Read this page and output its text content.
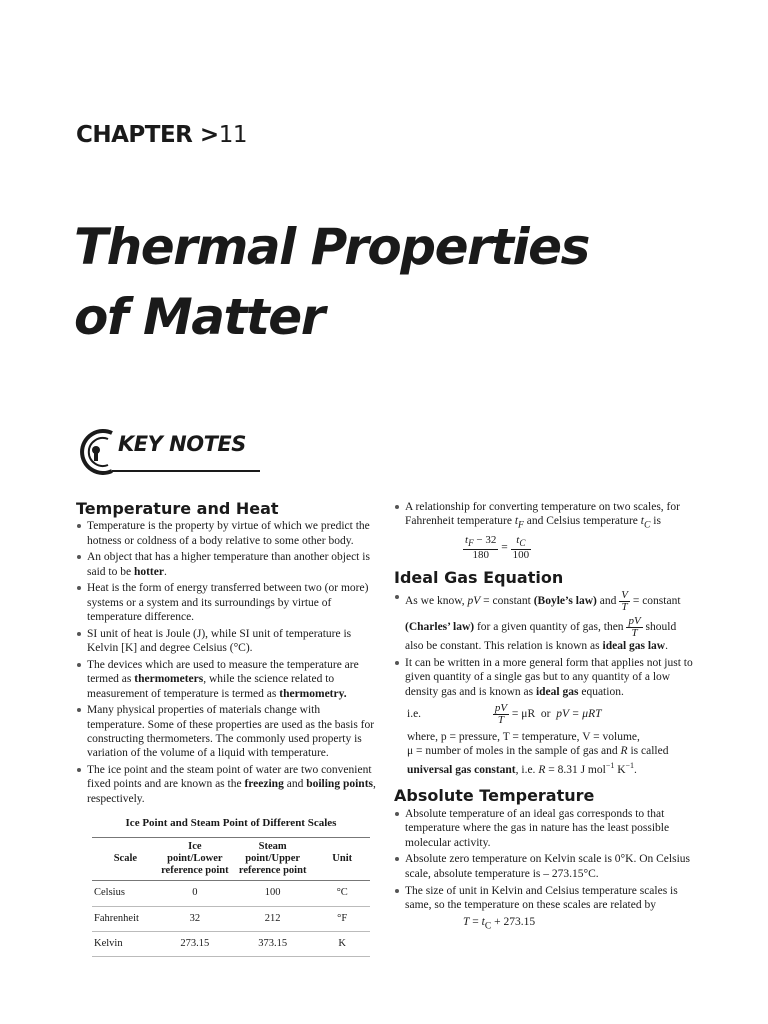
CHAPTER >11
Thermal Properties
of Matter
KEY NOTES
Temperature and Heat
Temperature is the property by virtue of which we predict the hotness or coldness of a body relative to some other body.
An object that has a higher temperature than another object is said to be hotter.
Heat is the form of energy transferred between two (or more) systems or a system and its surroundings by virtue of temperature difference.
SI unit of heat is Joule (J), while SI unit of temperature is Kelvin [K] and degree Celsius (°C).
The devices which are used to measure the temperature are termed as thermometers, while the science related to measurement of temperature is termed as thermometry.
Many physical properties of materials change with temperature. Some of these properties are used as the basis for constructing thermometers. The commonly used property is variation of the volume of a liquid with temperature.
The ice point and the steam point of water are two convenient fixed points and are known as the freezing and boiling points, respectively.
Ice Point and Steam Point of Different Scales
Scale	Ice point/Lower reference point	Steam point/Upper reference point	Unit
Celsius	0	100	°C
Fahrenheit	32	212	°F
Kelvin	273.15	373.15	K
A relationship for converting temperature on two scales, for Fahrenheit temperature $t_F$ and Celsius temperature $t_C$ is
$\frac{t_F - 32}{180} = \frac{t_C}{100}$
Ideal Gas Equation
As we know, pV = constant (Boyle’s law) and $\frac{V}{T}$ = constant
(Charles’ law) for a given quantity of gas, then $\frac{pV}{T}$ should also be constant. This relation is known as ideal gas law.
It can be written in a more general form that applies not just to given quantity of a single gas but to any quantity of a low density gas and is known as ideal gas equation.
i.e.	$\frac{pV}{T} = \mu R$  or  pV = μRT
where, p = pressure, T = temperature, V = volume,
μ = number of moles in the sample of gas and R is called
universal gas constant, i.e. R = 8.31 J mol$^{-1}$ $K^{-1}$.
Absolute Temperature
Absolute temperature of an ideal gas corresponds to that temperature where the gas in nature has the least possible molecular activity.
Absolute zero temperature on Kelvin scale is 0°K. On Celsius scale, absolute temperature is – 273.15°C.
The size of unit in Kelvin and Celsius temperature scales is same, so the temperature on these scales are related by
$T = t_C + 273.15$
